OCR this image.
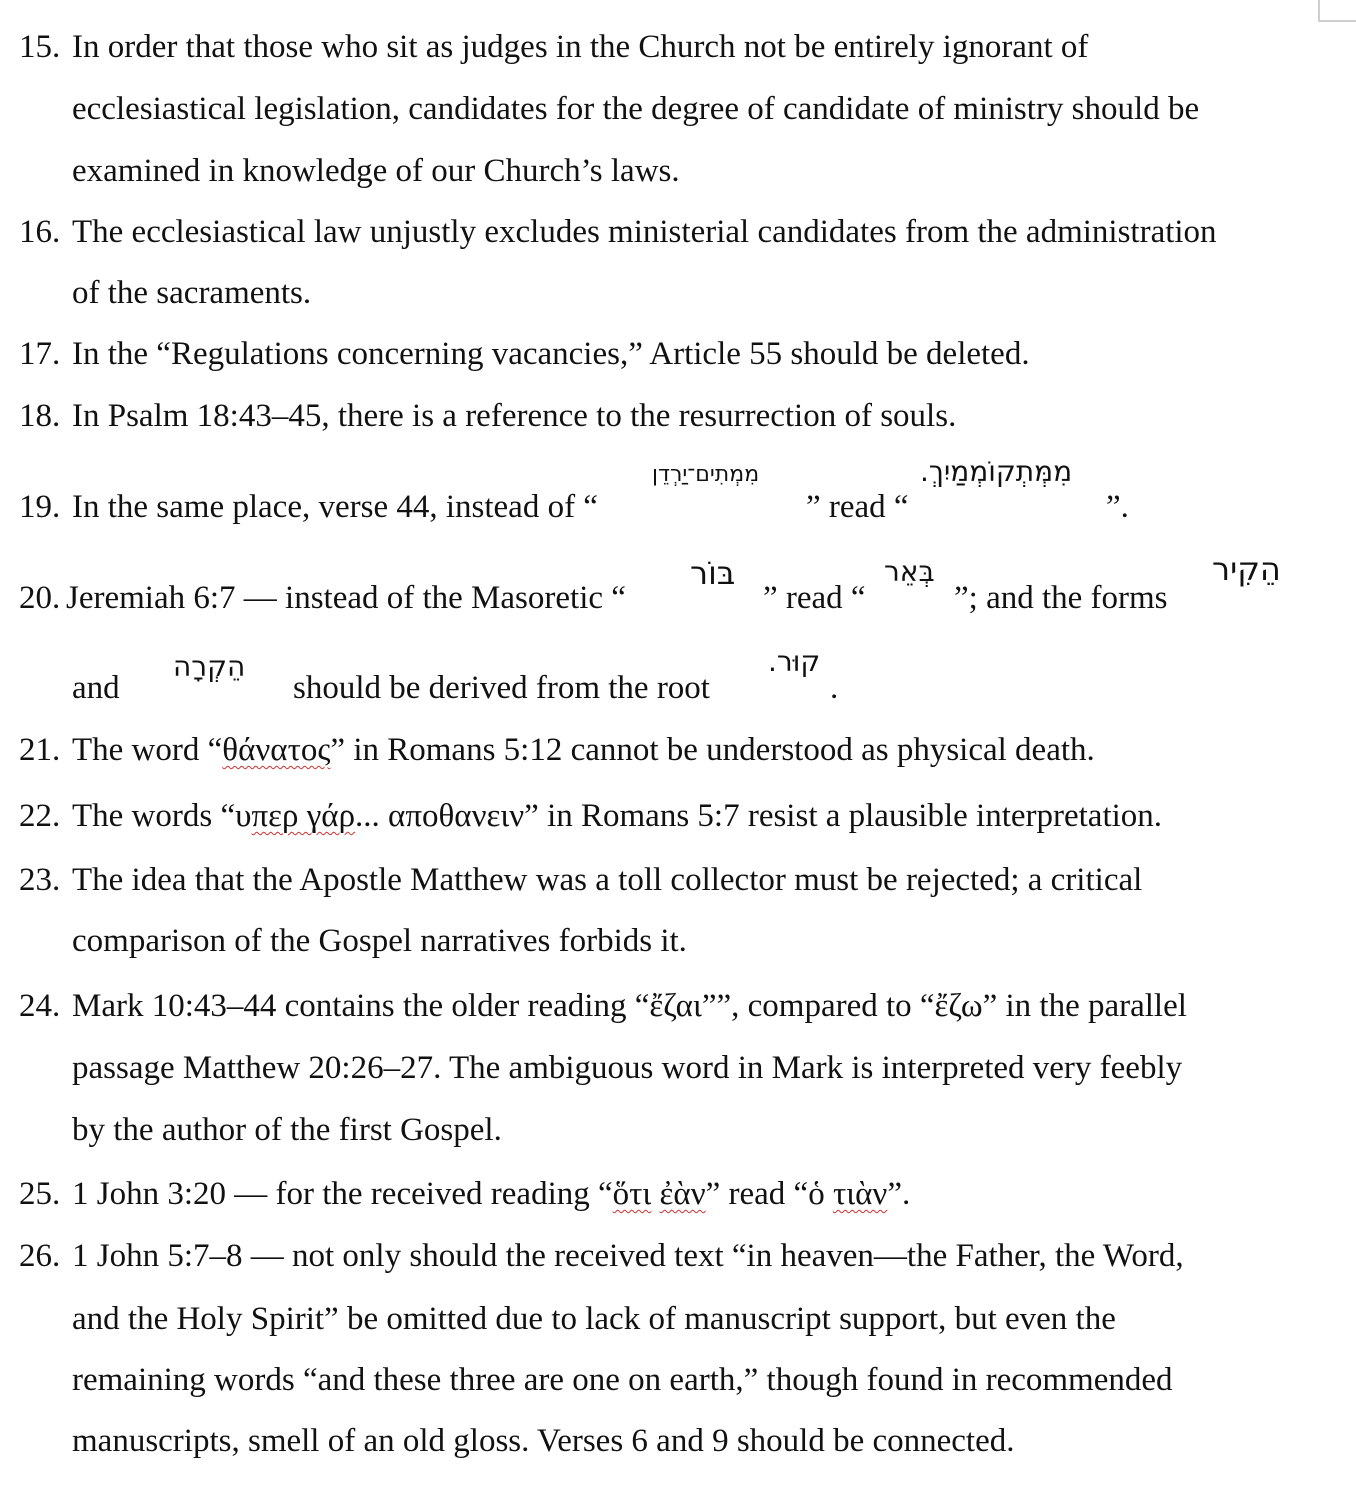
15. In order that those who sit as judges in the Church not be entirely ignorant of
ecclesiastical legislation, candidates for the degree of candidate of ministry should be
examined in knowledge of our Church’s laws.
16. The ecclesiastical law unjustly excludes ministerial candidates from the administration
of the sacraments.
17. In the “Regulations concerning vacancies,” Article 55 should be deleted.
18. In Psalm 18:43–45, there is a reference to the resurrection of souls.
19. In the same place, verse 44, instead of “
מִמְתִים־יַרְדֵן
” read “
מִמְּתְקוֹמְמַיִךְ.
”.
20. Jeremiah 6:7 — instead of the Masoretic “
בּוֹר
” read “
בְּאֵר
”; and the forms
הֵקִיר
and
הֵקְרָה
should be derived from the root
קוּר.
.
21. The word “θάνατος” in Romans 5:12 cannot be understood as physical death.
22. The words “υπερ γάρ... αποθανειν” in Romans 5:7 resist a plausible interpretation.
23. The idea that the Apostle Matthew was a toll collector must be rejected; a critical
comparison of the Gospel narratives forbids it.
24. Mark 10:43–44 contains the older reading “ἔζαι””, compared to “ἔζω” in the parallel
passage Matthew 20:26–27. The ambiguous word in Mark is interpreted very feebly
by the author of the first Gospel.
25. 1 John 3:20 — for the received reading “ὅτι ἐὰν” read “ὁ τιὰν”.
26. 1 John 5:7–8 — not only should the received text “in heaven—the Father, the Word,
and the Holy Spirit” be omitted due to lack of manuscript support, but even the
remaining words “and these three are one on earth,” though found in recommended
manuscripts, smell of an old gloss. Verses 6 and 9 should be connected.
